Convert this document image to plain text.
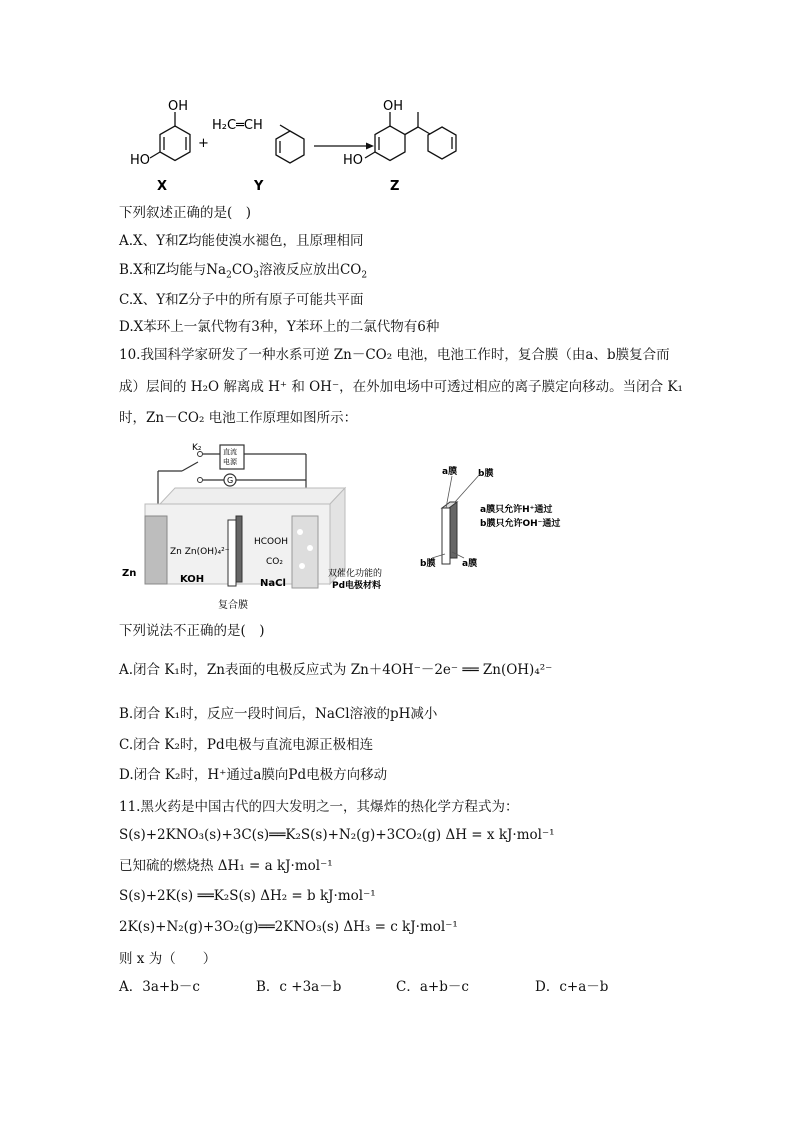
OH
HO
+
H₂C═CH
OH
HO
X	Y	Z
下列叙述正确的是(　)
A.X、Y和Z均能使溴水褪色，且原理相同
B.X和Z均能与$Na_2CO_3$溶液反应放出$CO_2$
C.X、Y和Z分子中的所有原子可能共平面
D.X苯环上一氯代物有3种，Y苯环上的二氯代物有6种
10.我国科学家研发了一种水系可逆 Zn－CO₂ 电池，电池工作时，复合膜（由a、b膜复合而
成）层间的 H₂O 解离成 H⁺ 和 OH⁻，在外加电场中可透过相应的离子膜定向移动。当闭合 K₁
时，Zn－CO₂ 电池工作原理如图所示：
K₂	直流
电源
G
Zn
Zn Zn(OH)₄²⁻
KOH
HCOOH
CO₂
NaCl
复合膜
双催化功能的
Pd电极材料
a膜 b膜
a膜只允许H⁺通过
b膜只允许OH⁻通过
b膜	a膜
下列说法不正确的是(　)
A.闭合 K₁时，Zn表面的电极反应式为 Zn＋4OH⁻－2e⁻ ══ Zn(OH)₄²⁻
B.闭合 K₁时，反应一段时间后，NaCl溶液的pH减小
C.闭合 K₂时，Pd电极与直流电源正极相连
D.闭合 K₂时，H⁺通过a膜向Pd电极方向移动
11.黑火药是中国古代的四大发明之一，其爆炸的热化学方程式为：
S(s)+2KNO₃(s)+3C(s)══K₂S(s)+N₂(g)+3CO₂(g) ΔH = x kJ·mol⁻¹
已知硫的燃烧热 ΔH₁ = a kJ·mol⁻¹
S(s)+2K(s) ══K₂S(s) ΔH₂ = b kJ·mol⁻¹
2K(s)+N₂(g)+3O₂(g)══2KNO₃(s) ΔH₃ = c kJ·mol⁻¹
则 x 为（　　）
A．3a+b－c	B．c +3a－b	C．a+b－c	D．c+a－b
